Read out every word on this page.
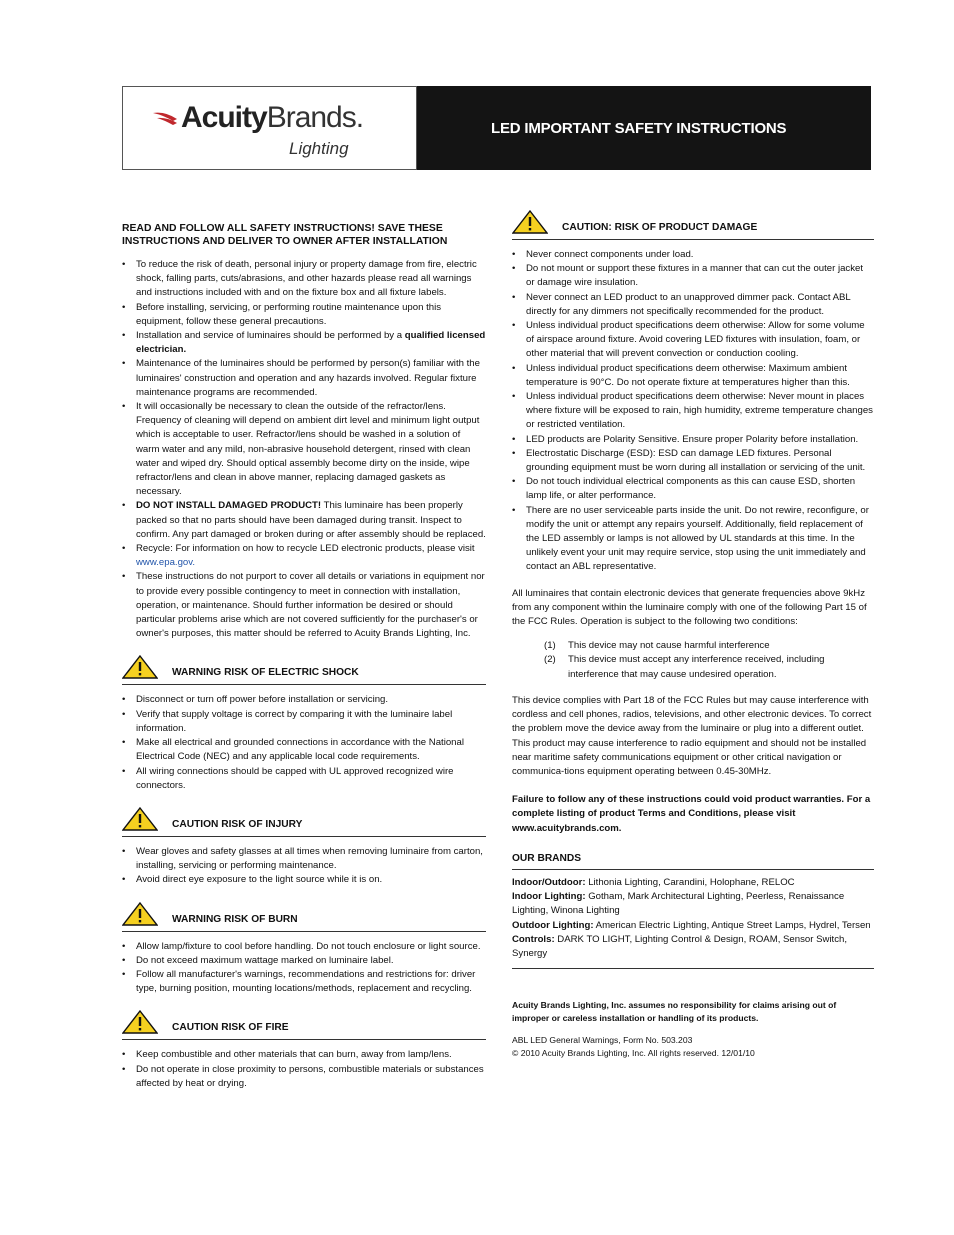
AcuityBrands.
Lighting
LED IMPORTANT SAFETY INSTRUCTIONS
READ AND FOLLOW ALL SAFETY INSTRUCTIONS! SAVE THESE
INSTRUCTIONS AND DELIVER TO OWNER AFTER INSTALLATION
• To reduce the risk of death, personal injury or property damage from fire, electric shock, falling parts, cuts/abrasions, and other hazards please read all warnings and instructions included with and on the fixture box and all fixture labels.
• Before installing, servicing, or performing routine maintenance upon this equipment, follow these general precautions.
• Installation and service of luminaires should be performed by a qualified licensed electrician.
• Maintenance of the luminaires should be performed by person(s) familiar with the luminaires' construction and operation and any hazards involved. Regular fixture maintenance programs are recommended.
• It will occasionally be necessary to clean the outside of the refractor/lens. Frequency of cleaning will depend on ambient dirt level and minimum light output which is acceptable to user. Refractor/lens should be washed in a solution of warm water and any mild, non-abrasive household detergent, rinsed with clean water and wiped dry. Should optical assembly become dirty on the inside, wipe refractor/lens and clean in above manner, replacing damaged gaskets as necessary.
• DO NOT INSTALL DAMAGED PRODUCT! This luminaire has been properly packed so that no parts should have been damaged during transit. Inspect to confirm. Any part damaged or broken during or after assembly should be replaced.
• Recycle: For information on how to recycle LED electronic products, please visit www.epa.gov.
• These instructions do not purport to cover all details or variations in equipment nor to provide every possible contingency to meet in connection with installation, operation, or maintenance. Should further information be desired or should particular problems arise which are not covered sufficiently for the purchaser's or owner's purposes, this matter should be referred to Acuity Brands Lighting, Inc.
WARNING RISK OF ELECTRIC SHOCK
• Disconnect or turn off power before installation or servicing.
• Verify that supply voltage is correct by comparing it with the luminaire label information.
• Make all electrical and grounded connections in accordance with the National Electrical Code (NEC) and any applicable local code requirements.
• All wiring connections should be capped with UL approved recognized wire connectors.
CAUTION RISK OF INJURY
• Wear gloves and safety glasses at all times when removing luminaire from carton, installing, servicing or performing maintenance.
• Avoid direct eye exposure to the light source while it is on.
WARNING RISK OF BURN
• Allow lamp/fixture to cool before handling. Do not touch enclosure or light source.
• Do not exceed maximum wattage marked on luminaire label.
• Follow all manufacturer's warnings, recommendations and restrictions for: driver type, burning position, mounting locations/methods, replacement and recycling.
CAUTION RISK OF FIRE
• Keep combustible and other materials that can burn, away from lamp/lens.
• Do not operate in close proximity to persons, combustible materials or substances affected by heat or drying.
CAUTION: RISK OF PRODUCT DAMAGE
• Never connect components under load.
• Do not mount or support these fixtures in a manner that can cut the outer jacket or damage wire insulation.
• Never connect an LED product to an unapproved dimmer pack. Contact ABL directly for any dimmers not specifically recommended for the product.
• Unless individual product specifications deem otherwise: Allow for some volume of airspace around fixture. Avoid covering LED fixtures with insulation, foam, or other material that will prevent convection or conduction cooling.
• Unless individual product specifications deem otherwise: Maximum ambient temperature is 90°C. Do not operate fixture at temperatures higher than this.
• Unless individual product specifications deem otherwise: Never mount in places where fixture will be exposed to rain, high humidity, extreme temperature changes or restricted ventilation.
• LED products are Polarity Sensitive. Ensure proper Polarity before installation.
• Electrostatic Discharge (ESD): ESD can damage LED fixtures. Personal grounding equipment must be worn during all installation or servicing of the unit.
• Do not touch individual electrical components as this can cause ESD, shorten lamp life, or alter performance.
• There are no user serviceable parts inside the unit. Do not rewire, reconfigure, or modify the unit or attempt any repairs yourself. Additionally, field replacement of the LED assembly or lamps is not allowed by UL standards at this time. In the unlikely event your unit may require service, stop using the unit immediately and contact an ABL representative.
All luminaires that contain electronic devices that generate frequencies above 9kHz from any component within the luminaire comply with one of the following Part 15 of the FCC Rules. Operation is subject to the following two conditions:
(1) This device may not cause harmful interference
(2) This device must accept any interference received, including interference that may cause undesired operation.
This device complies with Part 18 of the FCC Rules but may cause interference with cordless and cell phones, radios, televisions, and other electronic devices. To correct the problem move the device away from the luminaire or plug into a different outlet. This product may cause interference to radio equipment and should not be installed near maritime safety communications equipment or other critical navigation or communica-tions equipment operating between 0.45-30MHz.
Failure to follow any of these instructions could void product warranties. For a complete listing of product Terms and Conditions, please visit www.acuitybrands.com.
OUR BRANDS
Indoor/Outdoor: Lithonia Lighting, Carandini, Holophane, RELOC
Indoor Lighting: Gotham, Mark Architectural Lighting, Peerless, Renaissance Lighting, Winona Lighting
Outdoor Lighting: American Electric Lighting, Antique Street Lamps, Hydrel, Tersen
Controls: DARK TO LIGHT, Lighting Control & Design, ROAM, Sensor Switch, Synergy
Acuity Brands Lighting, Inc. assumes no responsibility for claims arising out of improper or careless installation or handling of its products.
ABL LED General Warnings, Form No. 503.203
© 2010 Acuity Brands Lighting, Inc. All rights reserved. 12/01/10
